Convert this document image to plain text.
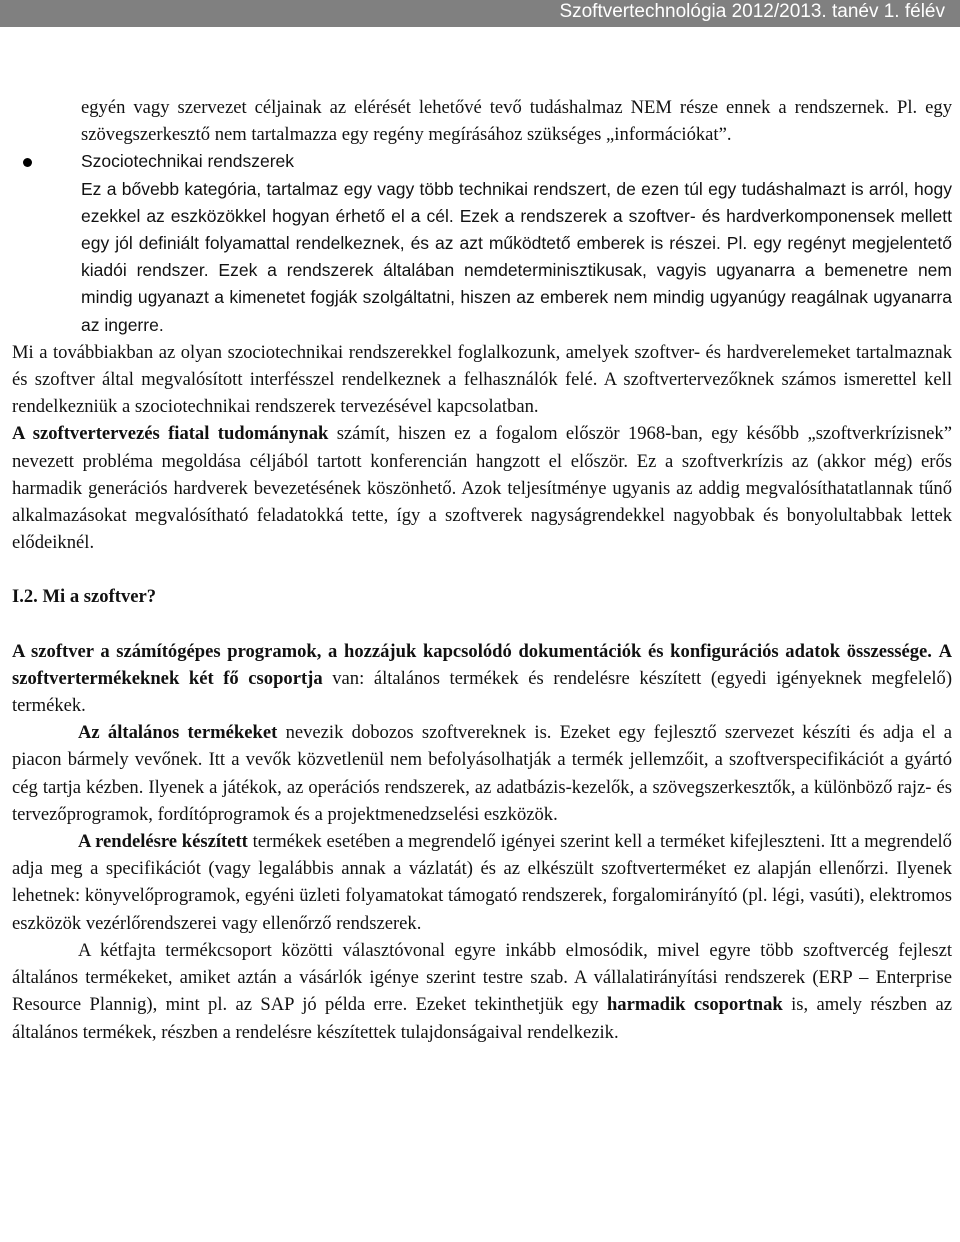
Szoftvertechnológia 2012/2013. tanév 1. félév

egyén vagy szervezet céljainak az elérését lehetővé tevő tudáshalmaz NEM része ennek a rendszernek. Pl. egy szövegszerkesztő nem tartalmazza egy regény megírásához szükséges „információkat”.

Szociotechnikai rendszerek

Ez a bővebb kategória, tartalmaz egy vagy több technikai rendszert, de ezen túl egy tudáshalmazt is arról, hogy ezekkel az eszközökkel hogyan érhető el a cél. Ezek a rendszerek a szoftver- és hardverkomponensek mellett egy jól definiált folyamattal rendelkeznek, és az azt működtető emberek is részei. Pl. egy regényt megjelentető kiadói rendszer. Ezek a rendszerek általában nemdeterminisztikusak, vagyis ugyanarra a bemenetre nem mindig ugyanazt a kimenetet fogják szolgáltatni, hiszen az emberek nem mindig ugyanúgy reagálnak ugyanarra az ingerre.

Mi a továbbiakban az olyan szociotechnikai rendszerekkel foglalkozunk, amelyek szoftver- és hardverelemeket tartalmaznak és szoftver által megvalósított interfésszel rendelkeznek a felhasználók felé. A szoftvertervezőknek számos ismerettel kell rendelkezniük a szociotechnikai rendszerek tervezésével kapcsolatban.

A szoftvertervezés fiatal tudománynak számít, hiszen ez a fogalom először 1968-ban, egy később „szoftverkrízisnek” nevezett probléma megoldása céljából tartott konferencián hangzott el először. Ez a szoftverkrízis az (akkor még) erős harmadik generációs hardverek bevezetésének köszönhető. Azok teljesítménye ugyanis az addig megvalósíthatatlannak tűnő alkalmazásokat megvalósítható feladatokká tette, így a szoftverek nagyságrendekkel nagyobbak és bonyolultabbak lettek elődeiknél.

I.2. Mi a szoftver?

A szoftver a számítógépes programok, a hozzájuk kapcsolódó dokumentációk és konfigurációs adatok összessége. A szoftvertermékeknek két fő csoportja van: általános termékek és rendelésre készített (egyedi igényeknek megfelelő) termékek.

Az általános termékeket nevezik dobozos szoftvereknek is. Ezeket egy fejlesztő szervezet készíti és adja el a piacon bármely vevőnek. Itt a vevők közvetlenül nem befolyásolhatják a termék jellemzőit, a szoftverspecifikációt a gyártó cég tartja kézben. Ilyenek a játékok, az operációs rendszerek, az adatbázis-kezelők, a szövegszerkesztők, a különböző rajz- és tervezőprogramok, fordítóprogramok és a projektmenedzselési eszközök.

A rendelésre készített termékek esetében a megrendelő igényei szerint kell a terméket kifejleszteni. Itt a megrendelő adja meg a specifikációt (vagy legalábbis annak a vázlatát) és az elkészült szoftverterméket ez alapján ellenőrzi. Ilyenek lehetnek: könyvelőprogramok, egyéni üzleti folyamatokat támogató rendszerek, forgalomirányító (pl. légi, vasúti), elektromos eszközök vezérlőrendszerei vagy ellenőrző rendszerek.

A kétfajta termékcsoport közötti választóvonal egyre inkább elmosódik, mivel egyre több szoftvercég fejleszt általános termékeket, amiket aztán a vásárlók igénye szerint testre szab. A vállalatirányítási rendszerek (ERP – Enterprise Resource Plannig), mint pl. az SAP jó példa erre. Ezeket tekinthetjük egy harmadik csoportnak is, amely részben az általános termékek, részben a rendelésre készítettek tulajdonságaival rendelkezik.
